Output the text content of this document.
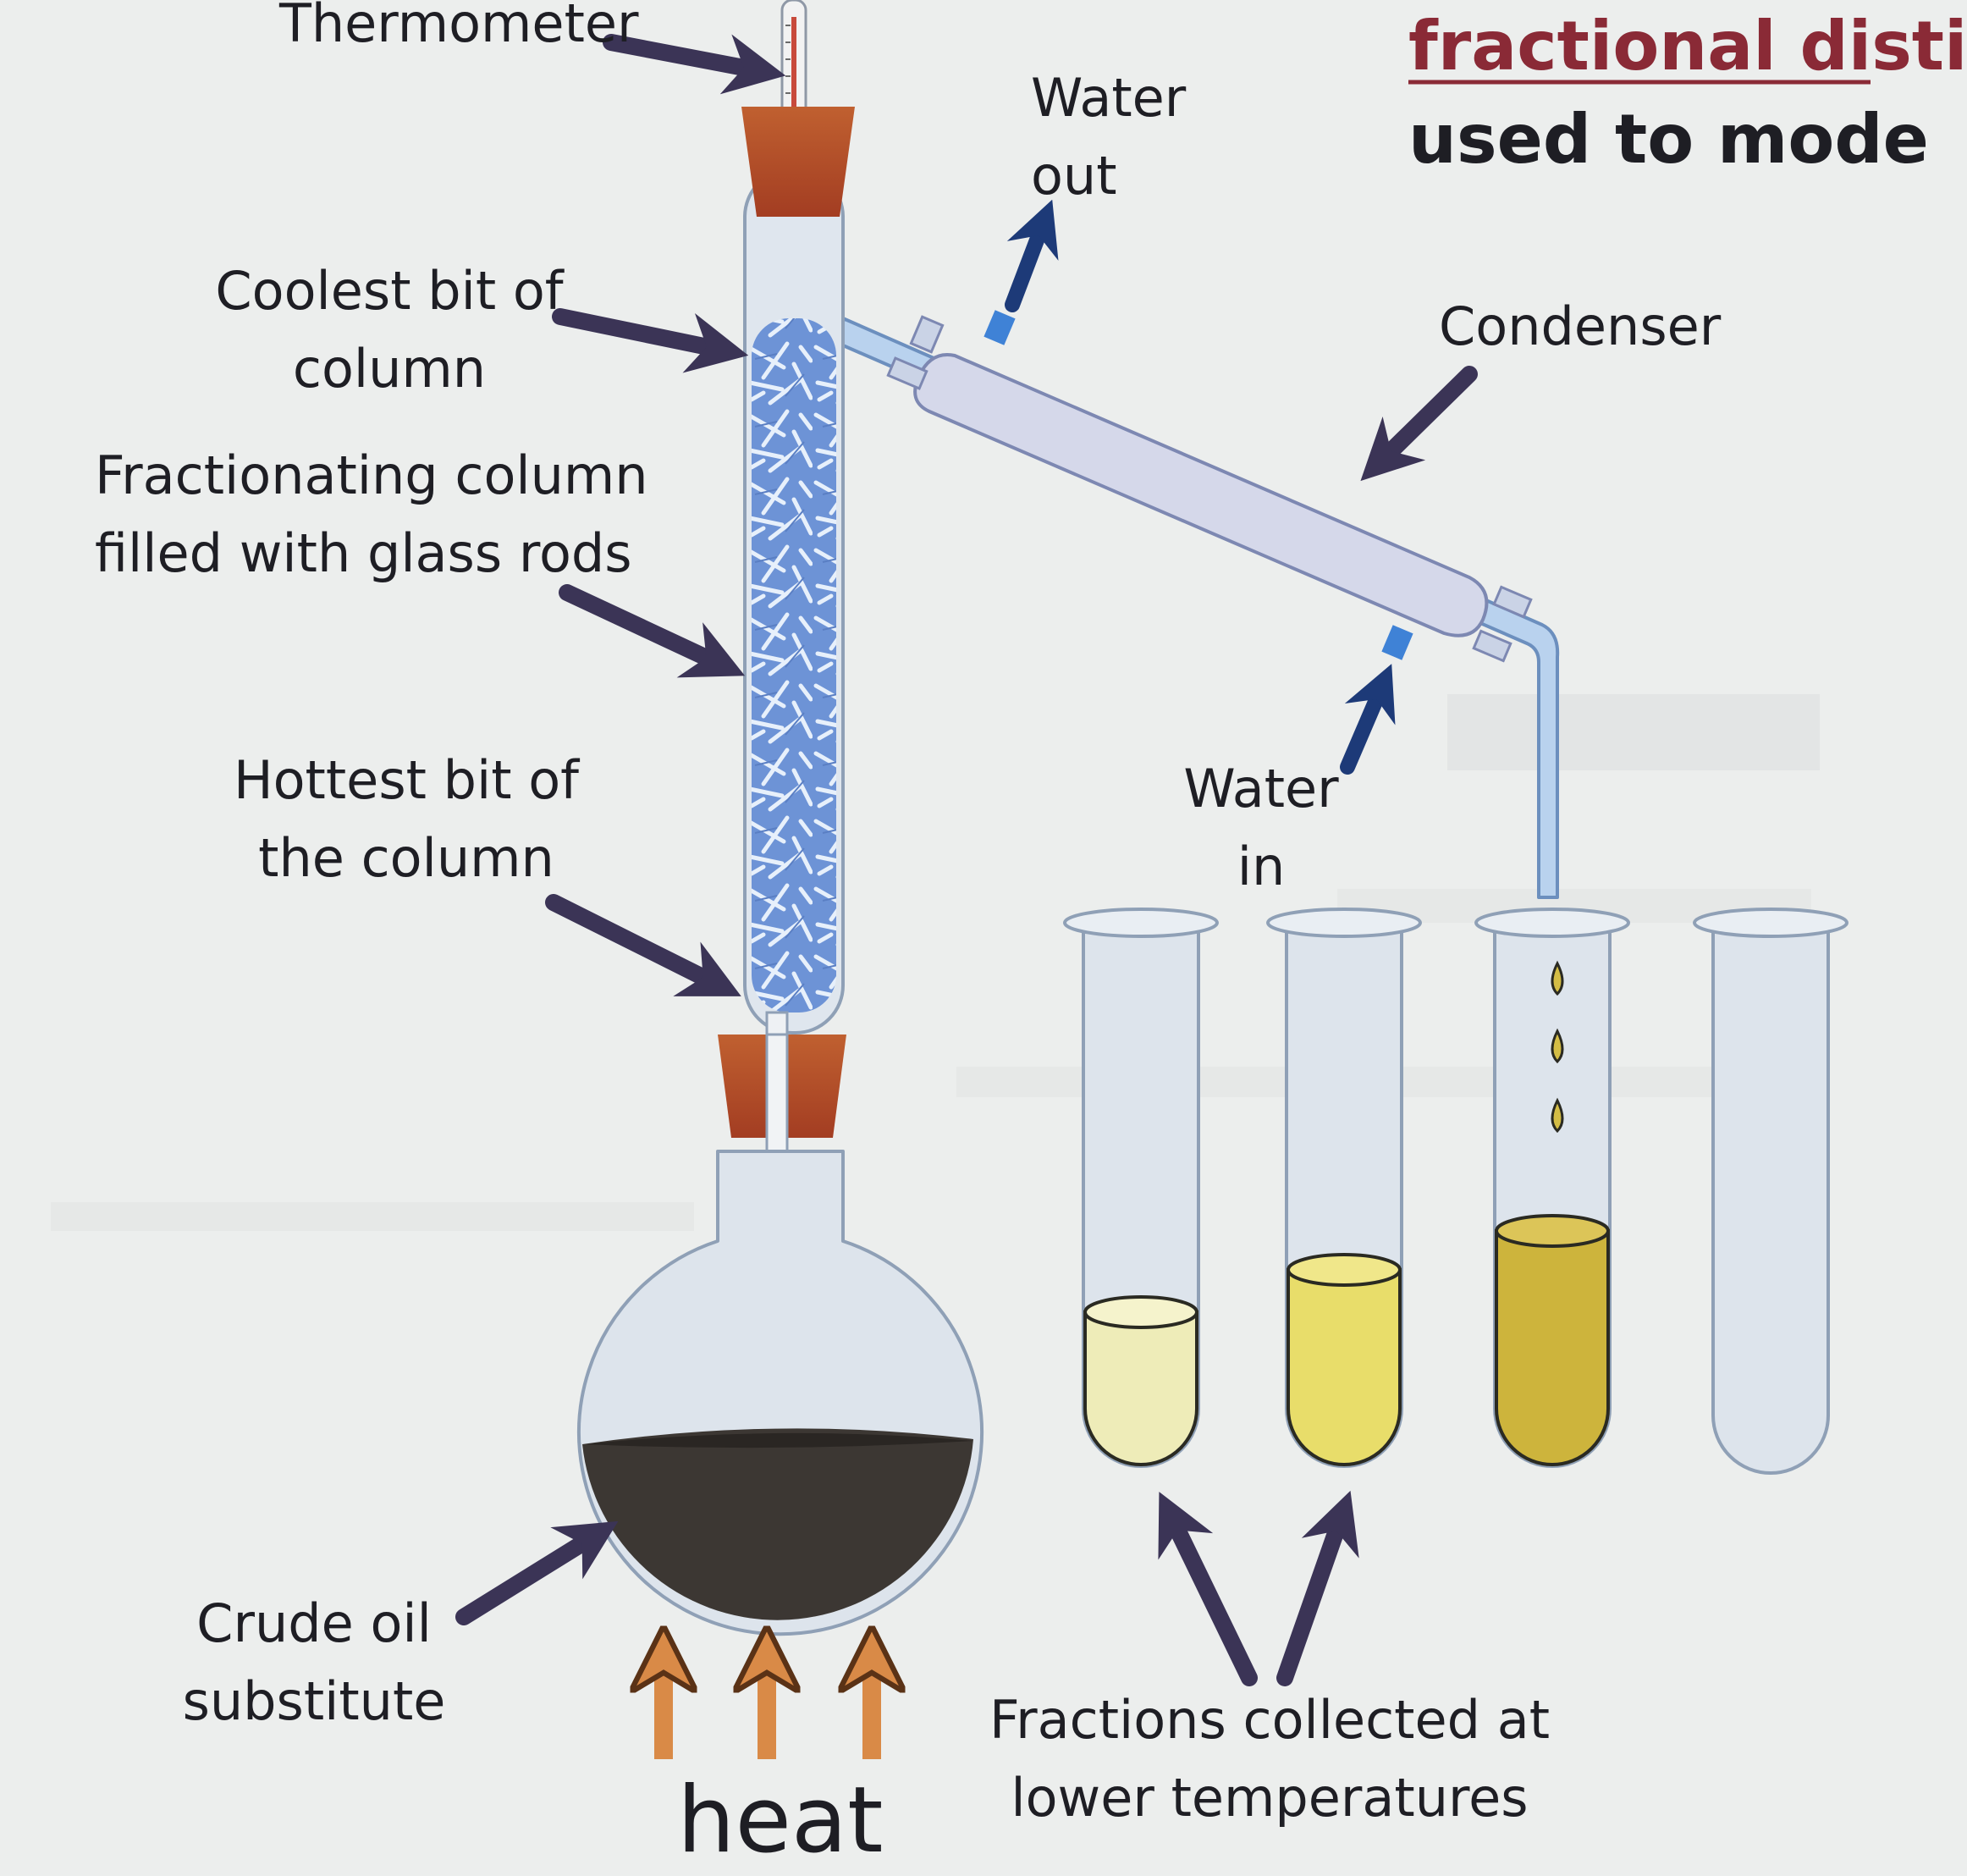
fractional disti
used to mode
Thermometer
Water
out
Condenser
Coolest bit of
column
Fractionating column
filled with glass rods
Hottest bit of
the column
Water
in
Crude oil
substitute	Fractions collected at
lower temperatures
heat
